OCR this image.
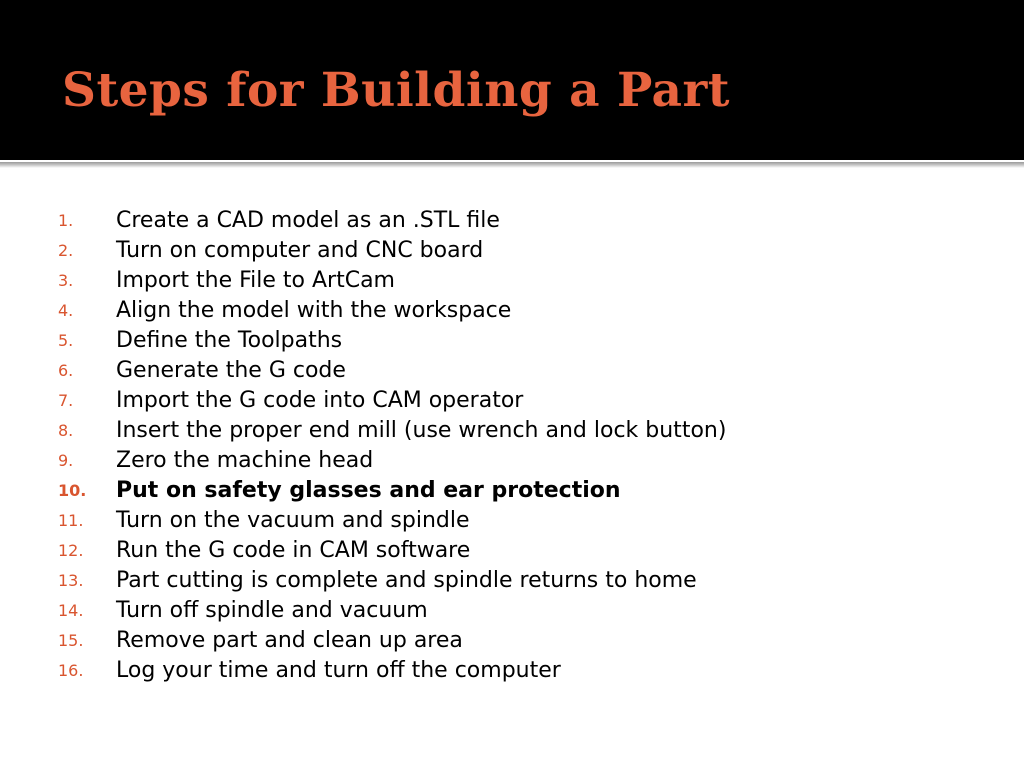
Steps for Building a Part
1. Create a CAD model as an .STL file
2. Turn on computer and CNC board
3. Import the File to ArtCam
4. Align the model with the workspace
5. Define the Toolpaths
6. Generate the G code
7. Import the G code into CAM operator
8. Insert the proper end mill (use wrench and lock button)
9. Zero the machine head
10. Put on safety glasses and ear protection
11. Turn on the vacuum and spindle
12. Run the G code in CAM software
13. Part cutting is complete and spindle returns to home
14. Turn off spindle and vacuum
15. Remove part and clean up area
16. Log your time and turn off the computer
